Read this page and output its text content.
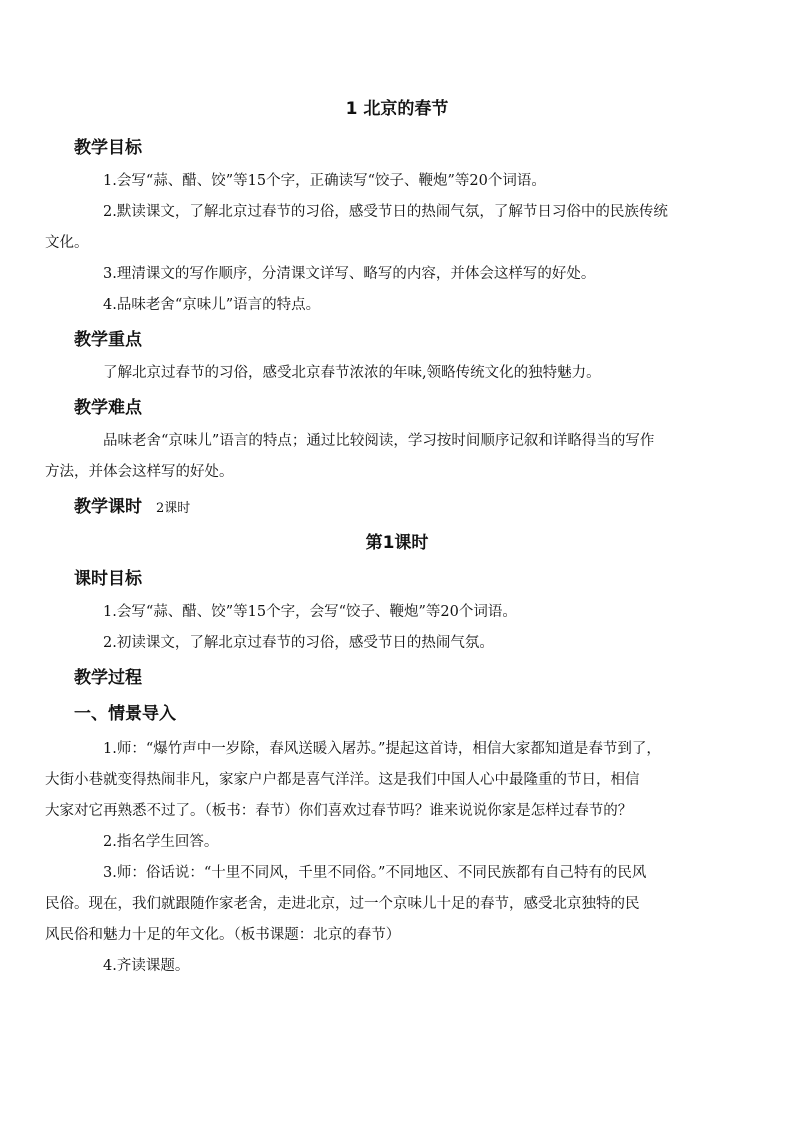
1 北京的春节
教学目标
1.会写“蒜、醋、饺”等15个字，正确读写“饺子、鞭炮”等20个词语。
2.默读课文，了解北京过春节的习俗，感受节日的热闹气氛，了解节日习俗中的民族传统
文化。
3.理清课文的写作顺序，分清课文详写、略写的内容，并体会这样写的好处。
4.品味老舍“京味儿”语言的特点。
教学重点
了解北京过春节的习俗，感受北京春节浓浓的年味,领略传统文化的独特魅力。
教学难点
品味老舍“京味儿”语言的特点；通过比较阅读，学习按时间顺序记叙和详略得当的写作
方法，并体会这样写的好处。
教学课时 2课时
第1课时
课时目标
1.会写“蒜、醋、饺”等15个字，会写“饺子、鞭炮”等20个词语。
2.初读课文，了解北京过春节的习俗，感受节日的热闹气氛。
教学过程
一、情景导入
1.师：“爆竹声中一岁除，春风送暖入屠苏。”提起这首诗，相信大家都知道是春节到了，
大街小巷就变得热闹非凡，家家户户都是喜气洋洋。这是我们中国人心中最隆重的节日，相信
大家对它再熟悉不过了。（板书：春节）你们喜欢过春节吗？谁来说说你家是怎样过春节的？
2.指名学生回答。
3.师：俗话说：“十里不同风，千里不同俗。”不同地区、不同民族都有自己特有的民风
民俗。现在，我们就跟随作家老舍，走进北京，过一个京味儿十足的春节，感受北京独特的民
风民俗和魅力十足的年文化。（板书课题：北京的春节）
4.齐读课题。
